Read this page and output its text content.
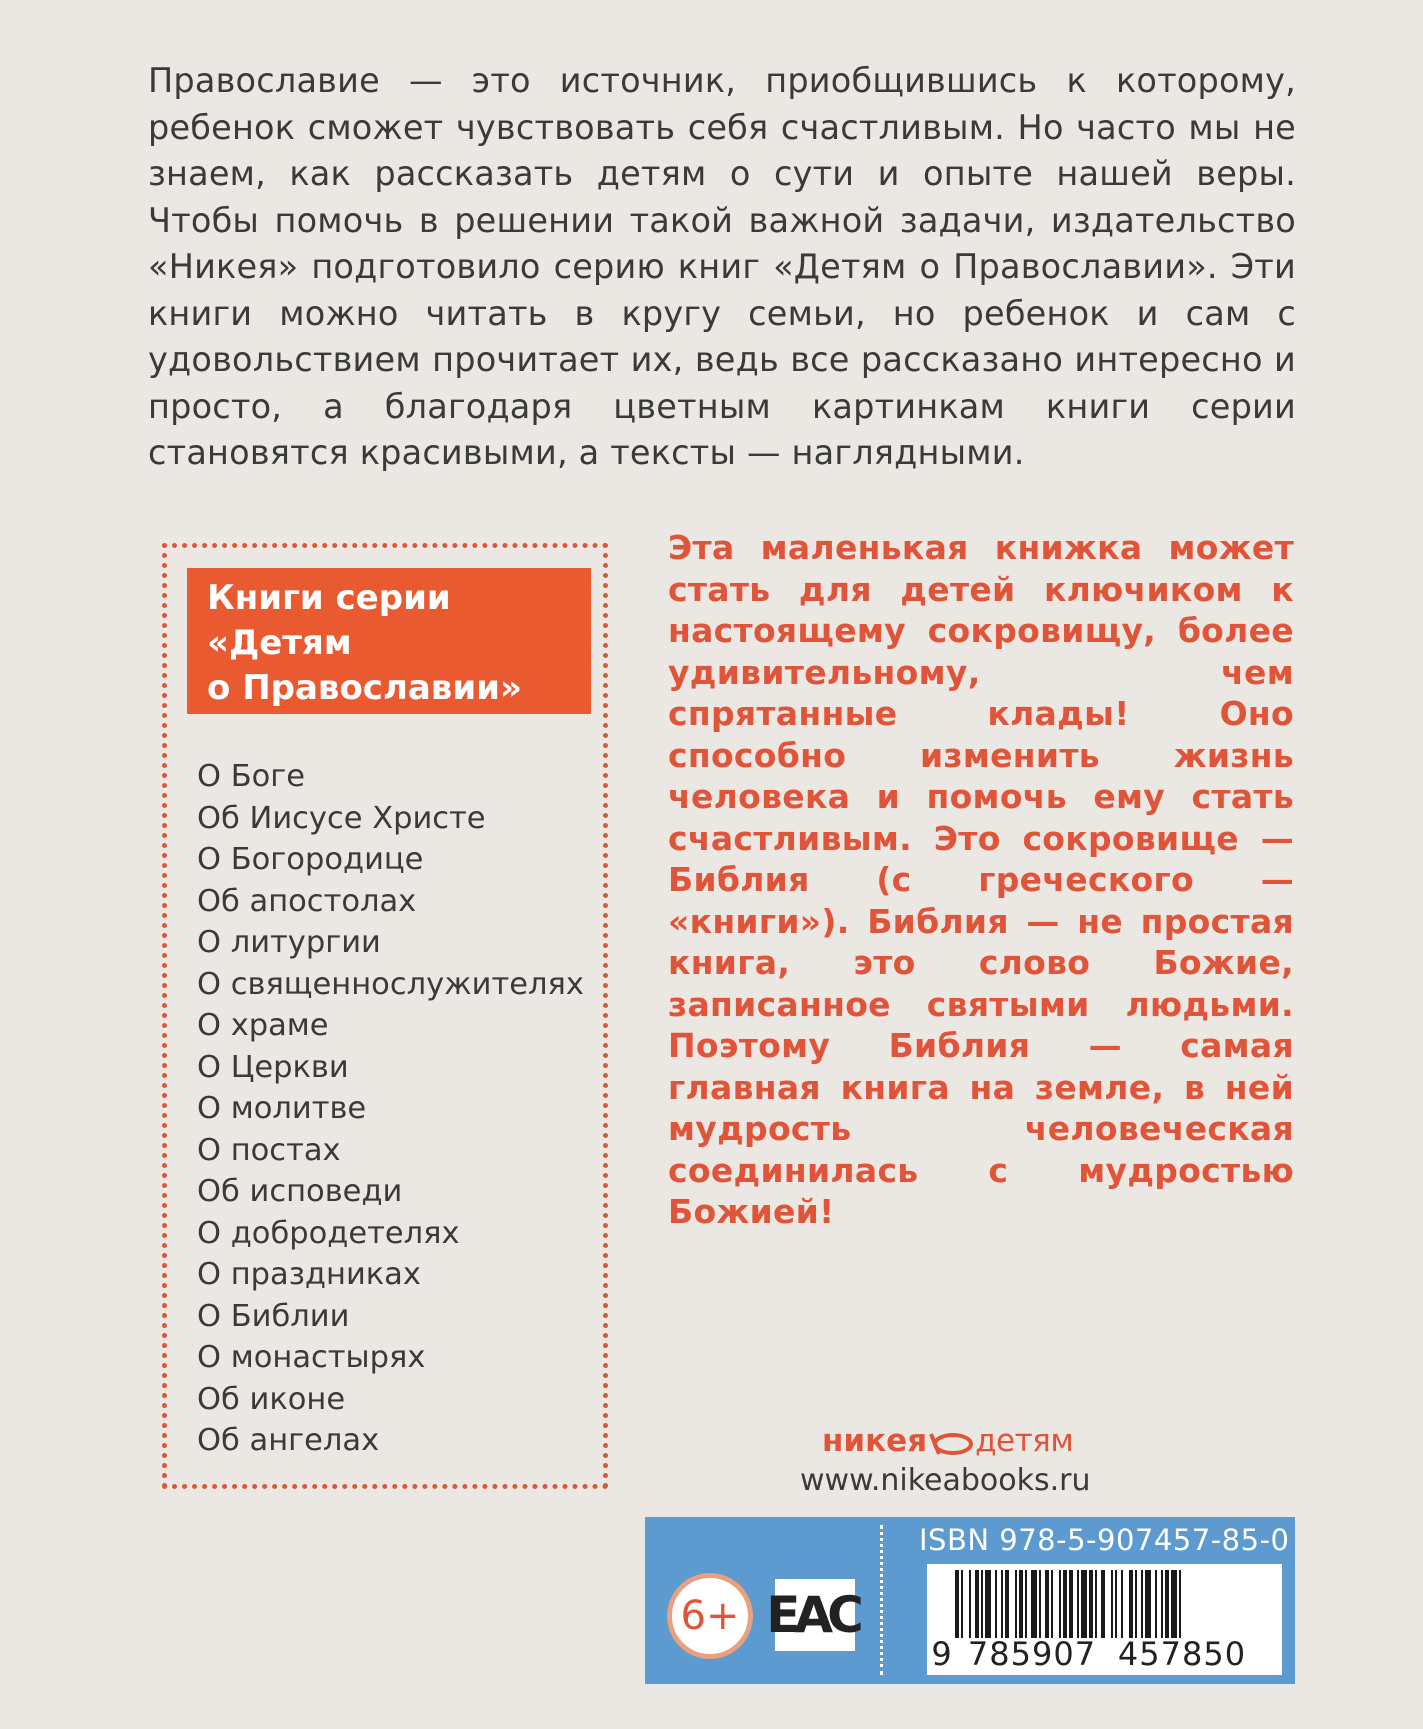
Православие — это источник, приобщившись к которому, ребенок сможет чувствовать себя счастливым. Но часто мы не знаем, как рассказать детям о сути и опыте нашей веры. Чтобы помочь в решении такой важной задачи, издательство «Никея» подготовило серию книг «Детям о Православии». Эти книги можно читать в кругу семьи, но ребенок и сам с удовольствием прочитает их, ведь все рассказано интересно и просто, а благодаря цветным картинкам книги серии становятся красивыми, а тексты — наглядными.
Книги серии
«Детям
о Православии»
О Боге
Об Иисусе Христе
О Богородице
Об апостолах
О литургии
О священнослужителях
О храме
О Церкви
О молитве
О постах
Об исповеди
О добродетелях
О праздниках
О Библии
О монастырях
Об иконе
Об ангелах
Эта маленькая книжка может стать для детей ключиком к настоящему сокровищу, более удивительному, чем спрятанные клады! Оно способно изменить жизнь человека и помочь ему стать счастливым. Это сокровище — Библия (с греческого — «книги»). Библия — не простая книга, это слово Божие, записанное святыми людьми. Поэтому Библия — самая главная книга на земле, в ней мудрость человеческая соединилась с мудростью Божией!
никея детям
www.nikeabooks.ru
ISBN 978-5-907457-85-0
6+ EAC
9 785907 457850
